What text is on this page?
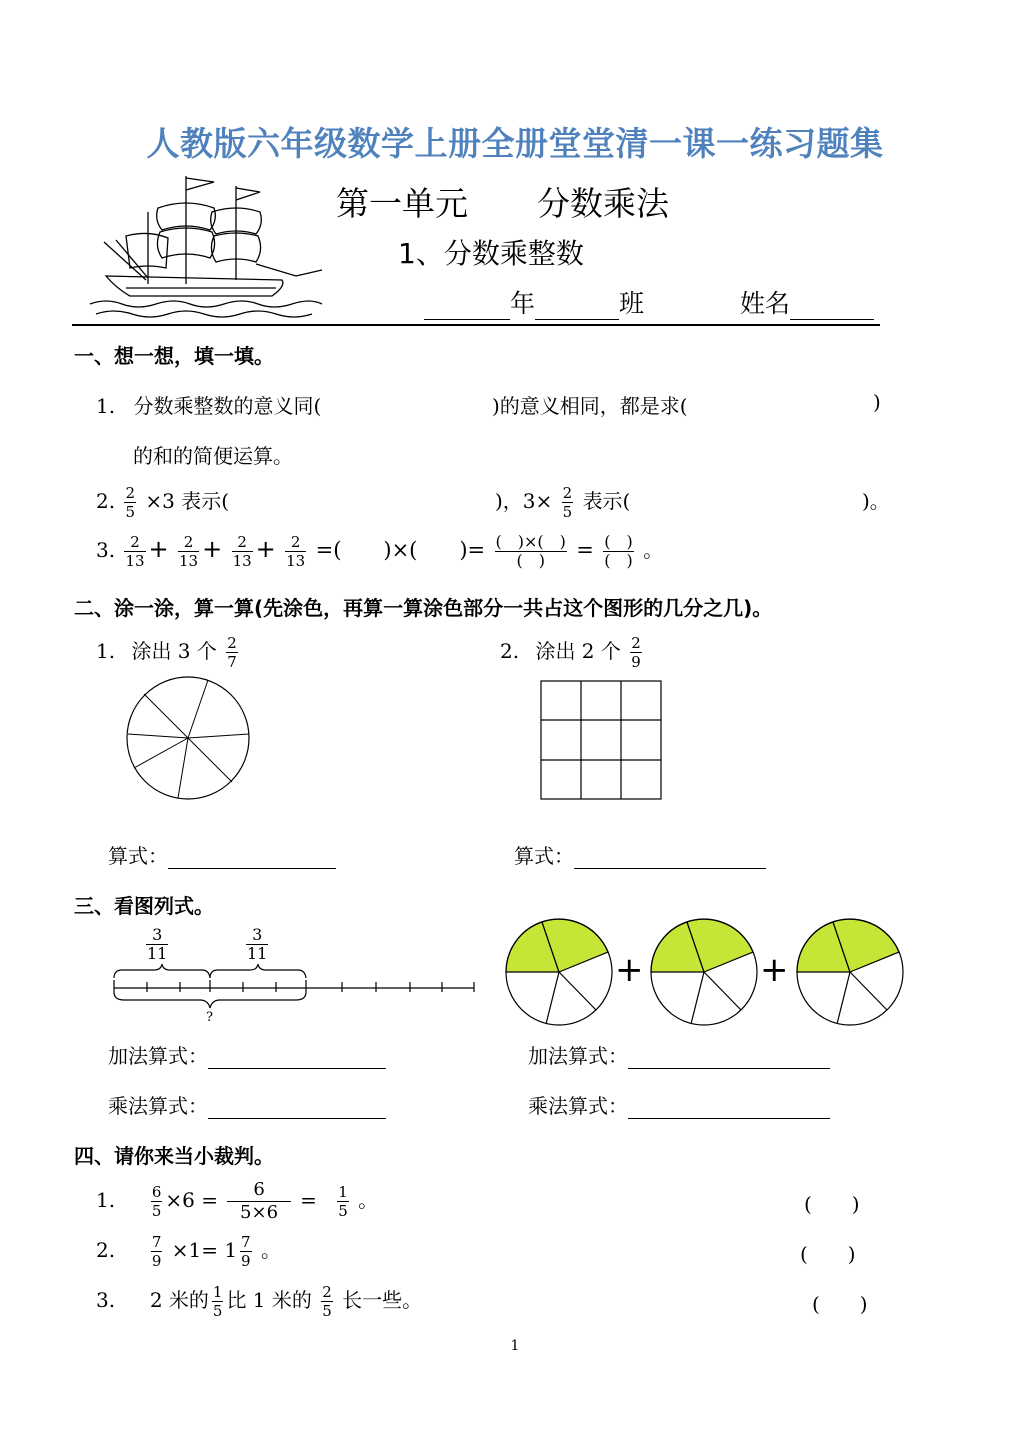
人教版六年级数学上册全册堂堂清一课一练习题集
第一单元 分数乘法
1、分数乘整数
年	班	姓名
一、想一想，填一填。
1. 分数乘整数的意义同(	)的意义相同，都是求(	)
的和的简便运算。
2. $\frac{2}{5} \times 3$ 表示(	)，$3\times \frac{2}{5}$ 表示(	)。
3. $\frac{2}{13} + \frac{2}{13} + \frac{2}{13} + \frac{2}{13}$ =(　　)×(　　)= $\frac{( )\times( )}{( )} = \frac{( )}{( )}$ 。
二、涂一涂，算一算(先涂色，再算一算涂色部分一共占这个图形的几分之几)。
1. 涂出 3 个 $\frac{2}{7}$	2. 涂出 2 个 $\frac{2}{9}$
算式：	算式：
三、看图列式。
$\frac{3}{11}$	$\frac{3}{11}$
?
+	+
加法算式：	加法算式：
乘法算式：	乘法算式：
四、请你来当小裁判。
1. $\frac{6}{5} \times 6 = \frac{6}{5\times 6} = \frac{1}{5}$ 。	(　　)
2. $\frac{7}{9} \times 1= 1 \frac{7}{9}$ 。	(　　)
3. 2 米的 $\frac{1}{5}$ 比 1 米的 $\frac{2}{5}$ 长一些。	(　　)
1
